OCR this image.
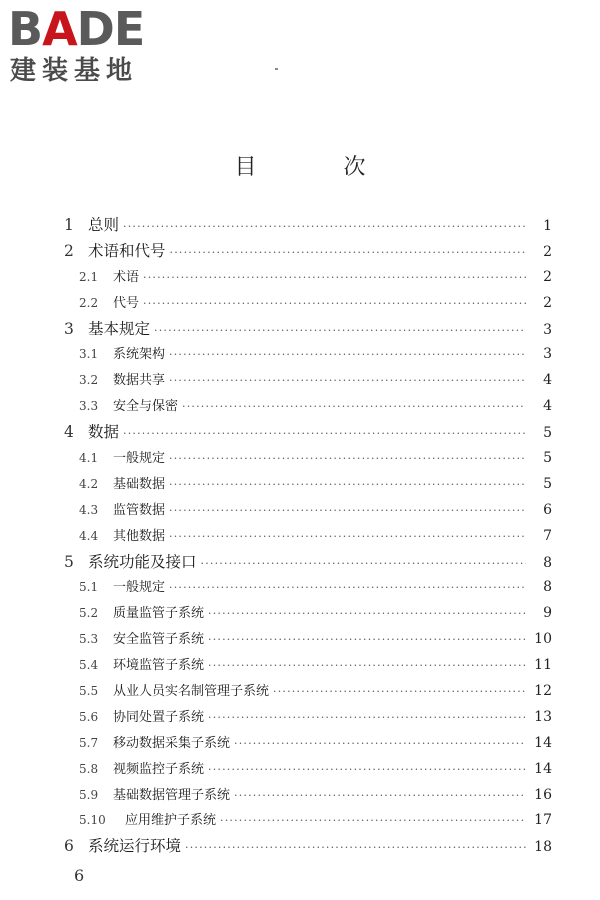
BADE
建装基地
目 次
1 总则 ·····	1
2 术语和代号 ·····	2
2.1	术语 ·····	2
2.2	代号 ·····	2
3 基本规定 ·····	3
3.1	系统架构 ·····	3
3.2	数据共享 ·····	4
3.3	安全与保密 ·····	4
4 数据 ·····	5
4.1	一般规定 ·····	5
4.2	基础数据 ·····	5
4.3	监管数据 ·····	6
4.4	其他数据 ·····	7
5 系统功能及接口 ·····	8
5.1	一般规定 ·····	8
5.2	质量监管子系统 ·····	9
5.3	安全监管子系统 ·····	10
5.4	环境监管子系统 ·····	11
5.5	从业人员实名制管理子系统 ·····	12
5.6	协同处置子系统 ·····	13
5.7	移动数据采集子系统 ·····	14
5.8	视频监控子系统 ·····	14
5.9	基础数据管理子系统 ·····	16
5.10	应用维护子系统 ·····	17
6 系统运行环境 ·····	18
6
